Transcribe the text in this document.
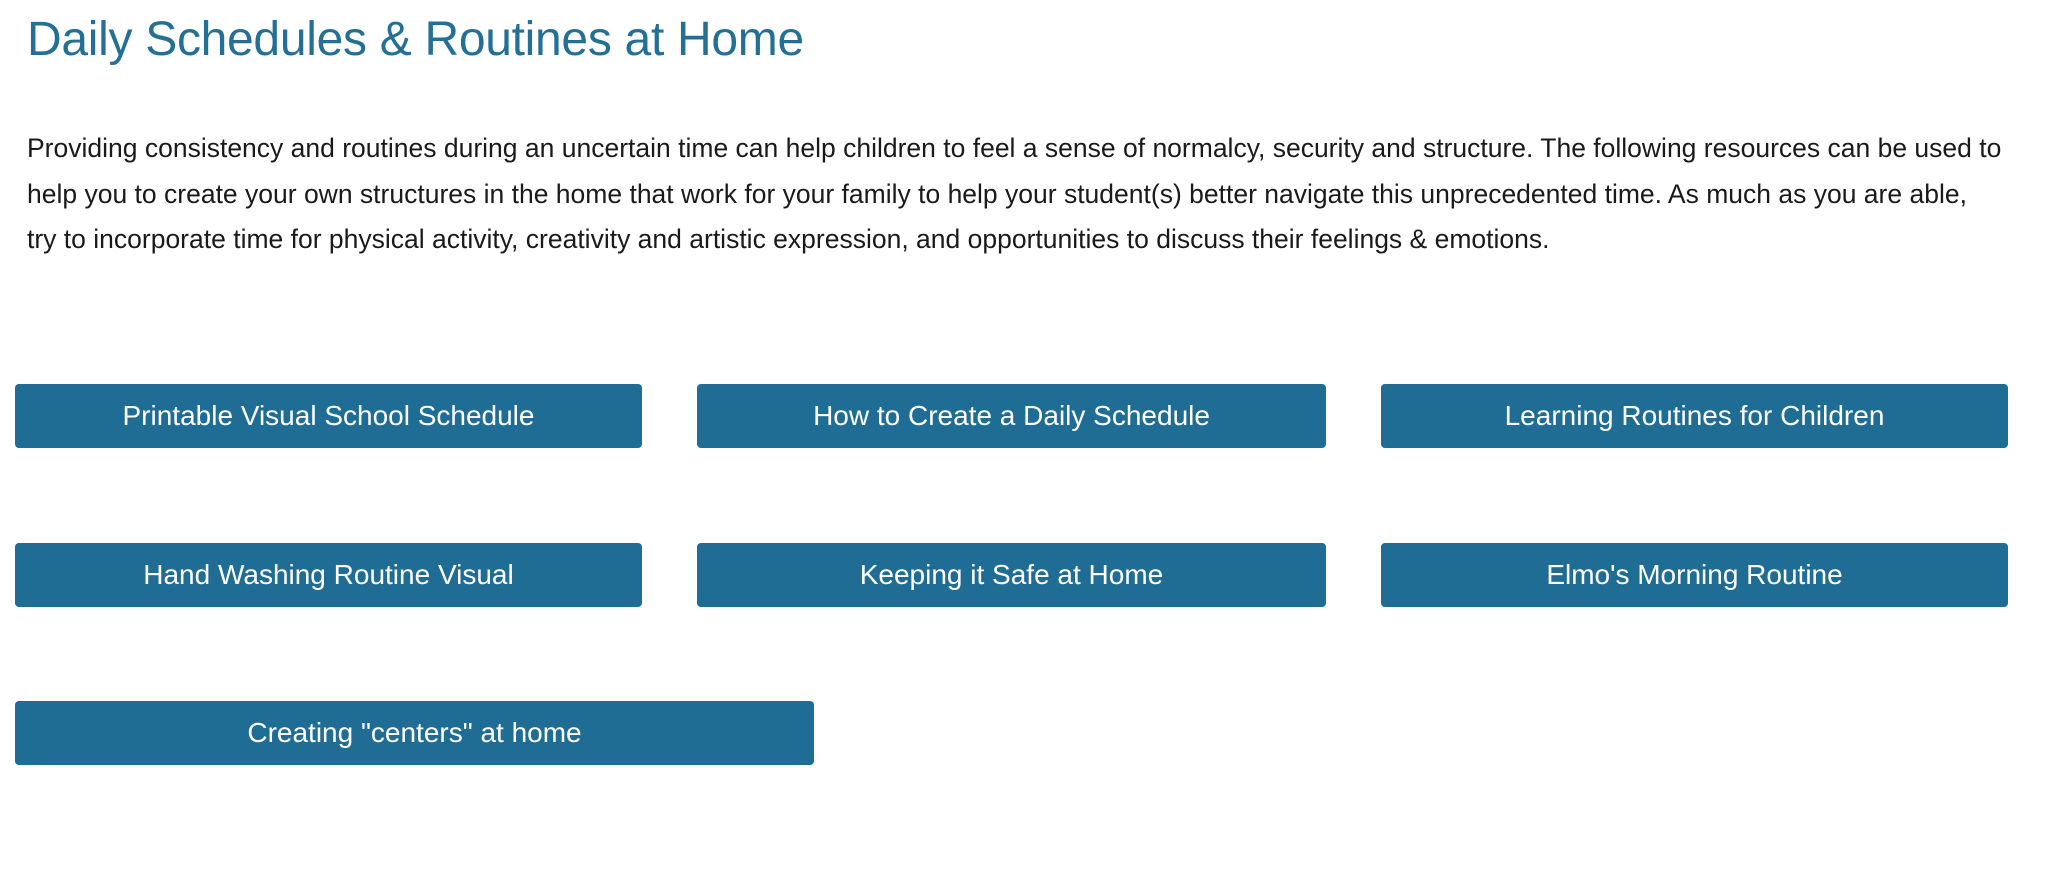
Daily Schedules & Routines at Home

Providing consistency and routines during an uncertain time can help children to feel a sense of normalcy, security and structure. The following resources can be used to help you to create your own structures in the home that work for your family to help your student(s) better navigate this unprecedented time. As much as you are able, try to incorporate time for physical activity, creativity and artistic expression, and opportunities to discuss their feelings & emotions.

Printable Visual School Schedule	How to Create a Daily Schedule	Learning Routines for Children
Hand Washing Routine Visual	Keeping it Safe at Home	Elmo's Morning Routine
Creating "centers" at home
